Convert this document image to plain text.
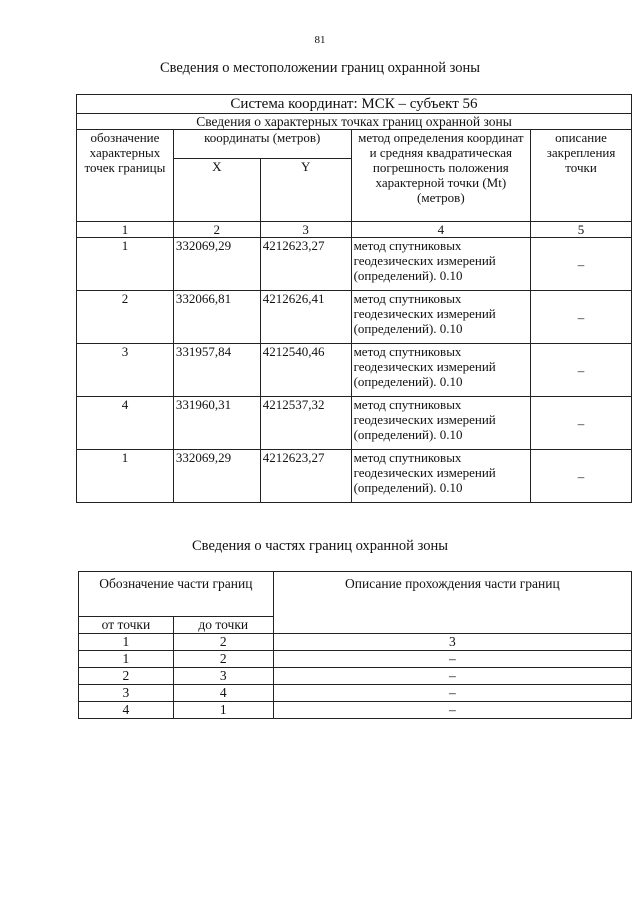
81
Сведения о местоположении границ охранной зоны
Система координат: МСК – субъект 56				
Сведения о характерных точках границ охранной зоны				
обозначение характерных точек границы	координаты (метров)		метод определения координат и средняя квадратическая погрешность положения характерной точки (Mt) (метров)	описание закрепления точки
	X	Y		
1	2	3	4	5
1	332069,29	4212623,27	метод спутниковых геодезических измерений (определений). 0.10	–
2	332066,81	4212626,41	метод спутниковых геодезических измерений (определений). 0.10	–
3	331957,84	4212540,46	метод спутниковых геодезических измерений (определений). 0.10	–
4	331960,31	4212537,32	метод спутниковых геодезических измерений (определений). 0.10	–
1	332069,29	4212623,27	метод спутниковых геодезических измерений (определений). 0.10	–
Сведения о частях границ охранной зоны
Обозначение части границ		Описание прохождения части границ
от точки	до точки	
1	2	3
1	2	–
2	3	–
3	4	–
4	1	–
